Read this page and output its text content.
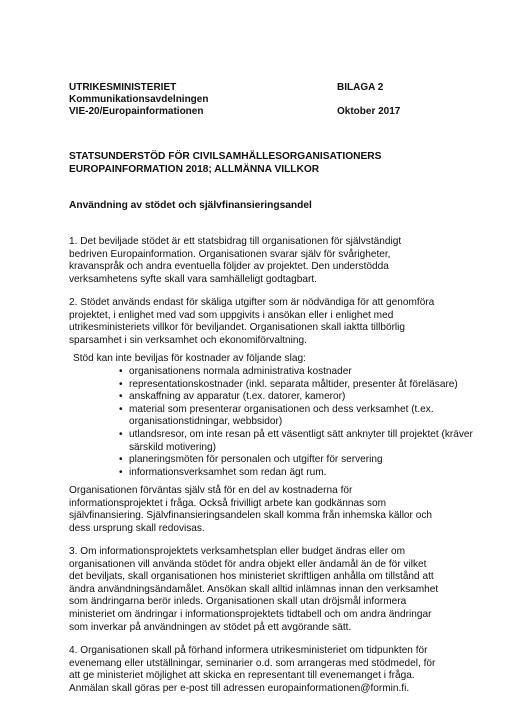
UTRIKESMINISTERIET
Kommunikationsavdelningen
VIE-20/Europainformationen
BILAGA 2
Oktober 2017
STATSUNDERSTÖD FÖR CIVILSAMHÄLLESORGANISATIONERS
EUROPAINFORMATION 2018; ALLMÄNNA VILLKOR
Användning av stödet och självfinansieringsandel
1. Det beviljade stödet är ett statsbidrag till organisationen för självständigt
bedriven Europainformation. Organisationen svarar själv för svårigheter,
kravanspråk och andra eventuella följder av projektet. Den understödda
verksamhetens syfte skall vara samhälleligt godtagbart.
2. Stödet används endast för skäliga utgifter som är nödvändiga för att genomföra
projektet, i enlighet med vad som uppgivits i ansökan eller i enlighet med
utrikesministeriets villkor för beviljandet. Organisationen skall iaktta tillbörlig
sparsamhet i sin verksamhet och ekonomiförvaltning.
Stöd kan inte beviljas för kostnader av följande slag:
• organisationens normala administrativa kostnader
• representationskostnader (inkl. separata måltider, presenter åt föreläsare)
• anskaffning av apparatur (t.ex. datorer, kameror)
• material som presenterar organisationen och dess verksamhet (t.ex.
organisationstidningar, webbsidor)
• utlandsresor, om inte resan på ett väsentligt sätt anknyter till projektet (kräver
särskild motivering)
• planeringsmöten för personalen och utgifter för servering
• informationsverksamhet som redan ägt rum.
Organisationen förväntas själv stå för en del av kostnaderna för
informationsprojektet i fråga. Också frivilligt arbete kan godkännas som
självfinansiering. Självfinansieringsandelen skall komma från inhemska källor och
dess ursprung skall redovisas.
3. Om informationsprojektets verksamhetsplan eller budget ändras eller om
organisationen vill använda stödet för andra objekt eller ändamål än de för vilket
det beviljats, skall organisationen hos ministeriet skriftligen anhålla om tillstånd att
ändra användningsändamålet. Ansökan skall alltid inlämnas innan den verksamhet
som ändringarna berör inleds. Organisationen skall utan dröjsmål informera
ministeriet om ändringar i informationsprojektets tidtabell och om andra ändringar
som inverkar på användningen av stödet på ett avgörande sätt.
4. Organisationen skall på förhand informera utrikesministeriet om tidpunkten för
evenemang eller utställningar, seminarier o.d. som arrangeras med stödmedel, för
att ge ministeriet möjlighet att skicka en representant till evenemanget i fråga.
Anmälan skall göras per e-post till adressen europainformationen@formin.fi.
